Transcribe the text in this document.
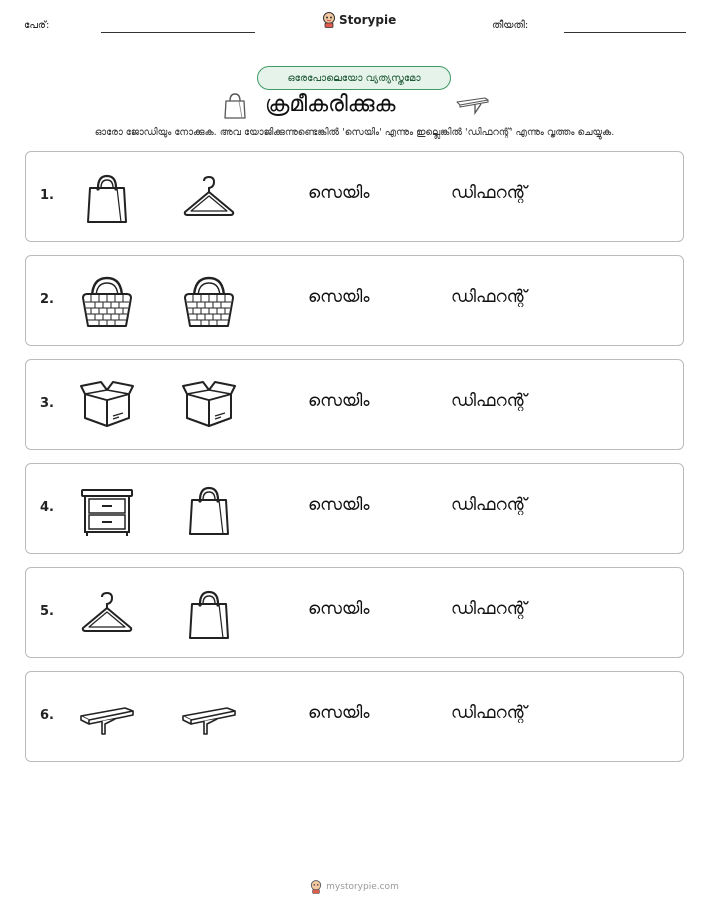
പേര്:	Storypie	തീയതി:
ഒരേപോലെയോ വ്യത്യസ്തമോ
ക്രമീകരിക്കുക
ഓരോ ജോഡിയും നോക്കുക. അവ യോജിക്കുന്നുണ്ടെങ്കിൽ 'സെയിം' എന്നും ഇല്ലെങ്കിൽ 'ഡിഫറന്റ്' എന്നും വൃത്തം ചെയ്യുക.
1.	സെയിം	ഡിഫറന്റ്
2.	സെയിം	ഡിഫറന്റ്
3.	സെയിം	ഡിഫറന്റ്
4.	സെയിം	ഡിഫറന്റ്
5.	സെയിം	ഡിഫറന്റ്
6.	സെയിം	ഡിഫറന്റ്
mystorypie.com
